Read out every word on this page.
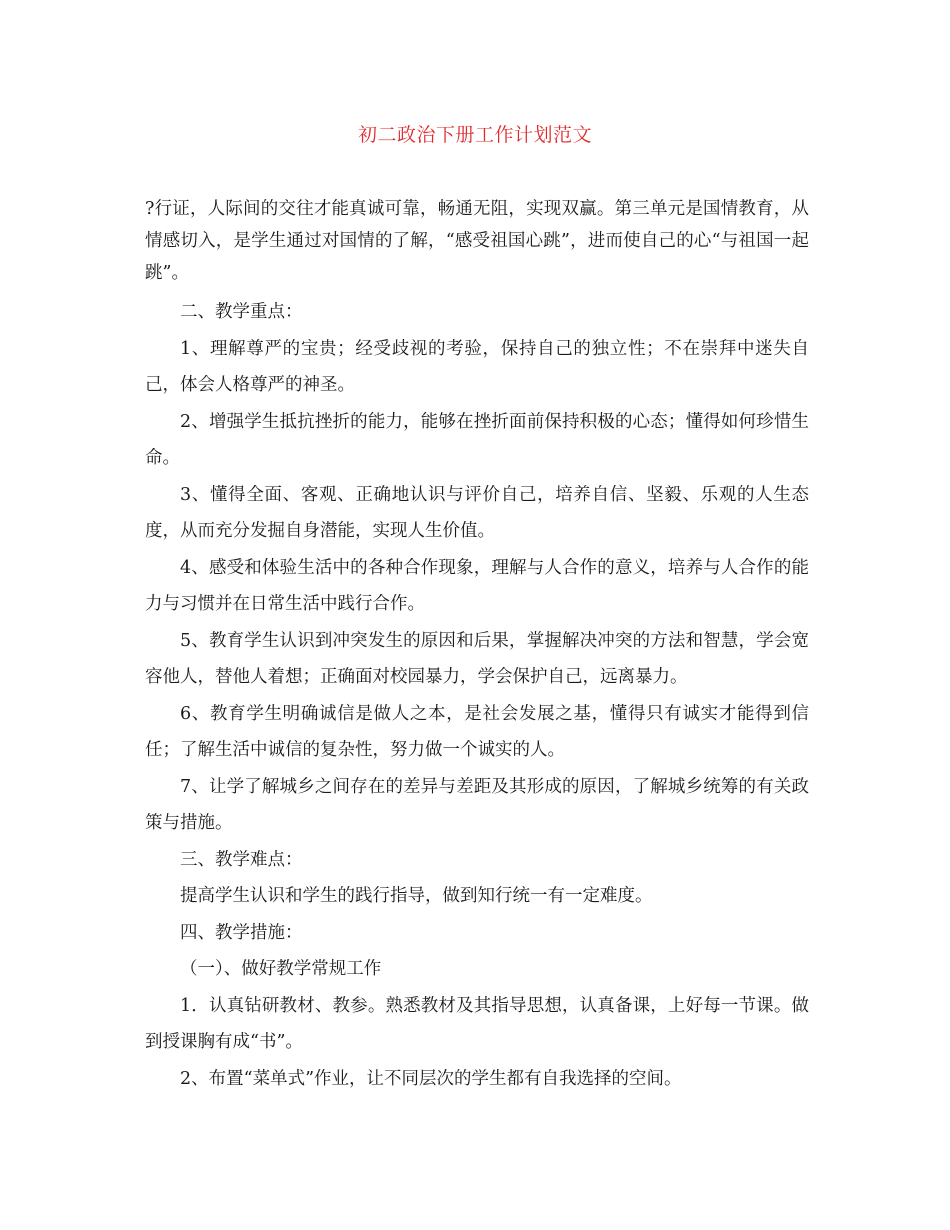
初二政治下册工作计划范文

?行证，人际间的交往才能真诚可靠，畅通无阻，实现双赢。第三单元是国情教育，从情感切入，是学生通过对国情的了解，“感受祖国心跳”，进而使自己的心“与祖国一起跳”。

二、教学重点：

1、理解尊严的宝贵；经受歧视的考验，保持自己的独立性；不在崇拜中迷失自己，体会人格尊严的神圣。

2、增强学生抵抗挫折的能力，能够在挫折面前保持积极的心态；懂得如何珍惜生命。

3、懂得全面、客观、正确地认识与评价自己，培养自信、坚毅、乐观的人生态度，从而充分发掘自身潜能，实现人生价值。

4、感受和体验生活中的各种合作现象，理解与人合作的意义，培养与人合作的能力与习惯并在日常生活中践行合作。

5、教育学生认识到冲突发生的原因和后果，掌握解决冲突的方法和智慧，学会宽容他人，替他人着想；正确面对校园暴力，学会保护自己，远离暴力。

6、教育学生明确诚信是做人之本，是社会发展之基，懂得只有诚实才能得到信任；了解生活中诚信的复杂性，努力做一个诚实的人。

7、让学了解城乡之间存在的差异与差距及其形成的原因，了解城乡统筹的有关政策与措施。

三、教学难点：

提高学生认识和学生的践行指导，做到知行统一有一定难度。

四、教学措施：

（一）、做好教学常规工作

1．认真钻研教材、教参。熟悉教材及其指导思想，认真备课，上好每一节课。做到授课胸有成“书”。

2、布置“菜单式”作业，让不同层次的学生都有自我选择的空间。
